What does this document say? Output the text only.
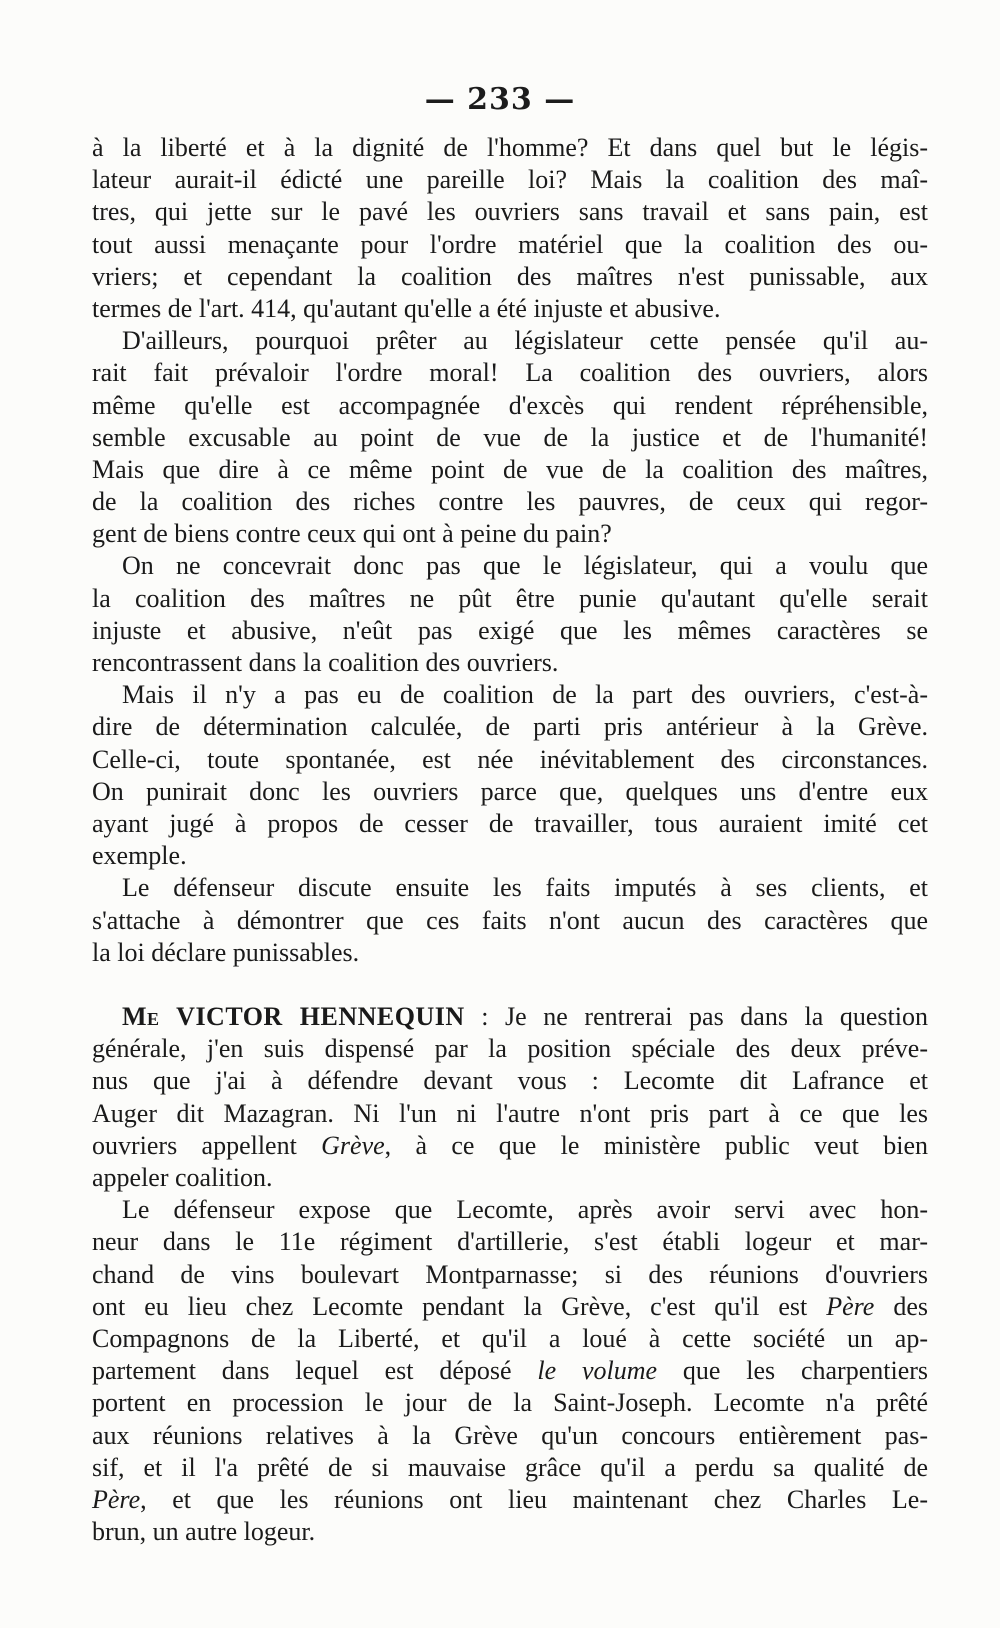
— 233 —
à la liberté et à la dignité de l'homme? Et dans quel but le légis-
lateur aurait-il édicté une pareille loi? Mais la coalition des maî-
tres, qui jette sur le pavé les ouvriers sans travail et sans pain, est
tout aussi menaçante pour l'ordre matériel que la coalition des ou-
vriers; et cependant la coalition des maîtres n'est punissable, aux
termes de l'art. 414, qu'autant qu'elle a été injuste et abusive.
D'ailleurs, pourquoi prêter au législateur cette pensée qu'il au-
rait fait prévaloir l'ordre moral! La coalition des ouvriers, alors
même qu'elle est accompagnée d'excès qui rendent répréhensible,
semble excusable au point de vue de la justice et de l'humanité!
Mais que dire à ce même point de vue de la coalition des maîtres,
de la coalition des riches contre les pauvres, de ceux qui regor-
gent de biens contre ceux qui ont à peine du pain?
On ne concevrait donc pas que le législateur, qui a voulu que
la coalition des maîtres ne pût être punie qu'autant qu'elle serait
injuste et abusive, n'eût pas exigé que les mêmes caractères se
rencontrassent dans la coalition des ouvriers.
Mais il n'y a pas eu de coalition de la part des ouvriers, c'est-à-
dire de détermination calculée, de parti pris antérieur à la Grève.
Celle-ci, toute spontanée, est née inévitablement des circonstances.
On punirait donc les ouvriers parce que, quelques uns d'entre eux
ayant jugé à propos de cesser de travailler, tous auraient imité cet
exemple.
Le défenseur discute ensuite les faits imputés à ses clients, et
s'attache à démontrer que ces faits n'ont aucun des caractères que
la loi déclare punissables.
Me VICTOR HENNEQUIN : Je ne rentrerai pas dans la question
générale, j'en suis dispensé par la position spéciale des deux préve-
nus que j'ai à défendre devant vous : Lecomte dit Lafrance et
Auger dit Mazagran. Ni l'un ni l'autre n'ont pris part à ce que les
ouvriers appellent Grève, à ce que le ministère public veut bien
appeler coalition.
Le défenseur expose que Lecomte, après avoir servi avec hon-
neur dans le 11e régiment d'artillerie, s'est établi logeur et mar-
chand de vins boulevart Montparnasse; si des réunions d'ouvriers
ont eu lieu chez Lecomte pendant la Grève, c'est qu'il est Père des
Compagnons de la Liberté, et qu'il a loué à cette société un ap-
partement dans lequel est déposé le volume que les charpentiers
portent en procession le jour de la Saint-Joseph. Lecomte n'a prêté
aux réunions relatives à la Grève qu'un concours entièrement pas-
sif, et il l'a prêté de si mauvaise grâce qu'il a perdu sa qualité de
Père, et que les réunions ont lieu maintenant chez Charles Le-
brun, un autre logeur.
